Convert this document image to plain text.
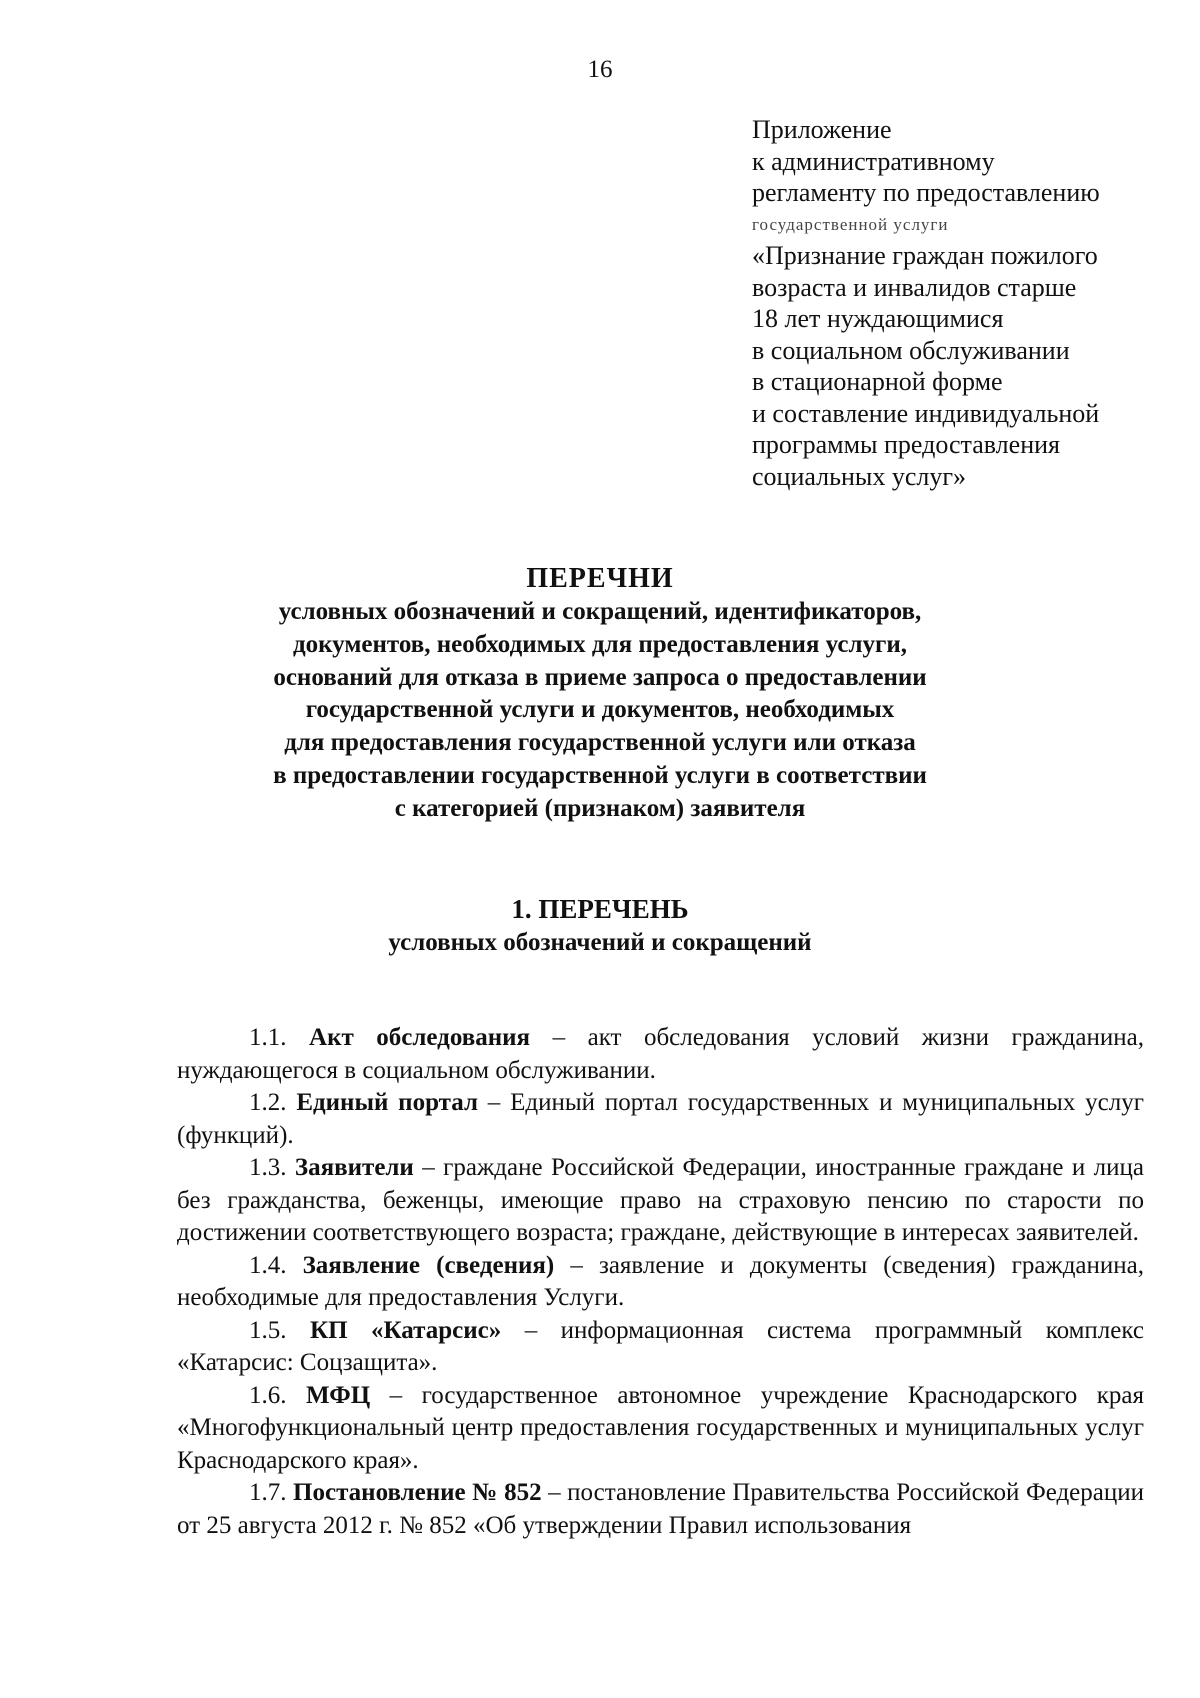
16
Приложение
к административному
регламенту по предоставлению
государственной услуги
«Признание граждан пожилого
возраста и инвалидов старше
18 лет нуждающимися
в социальном обслуживании
в стационарной форме
и составление индивидуальной
программы предоставления
социальных услуг»
ПЕРЕЧНИ
условных обозначений и сокращений, идентификаторов,
документов, необходимых для предоставления услуги,
оснований для отказа в приеме запроса о предоставлении
государственной услуги и документов, необходимых
для предоставления государственной услуги или отказа
в предоставлении государственной услуги в соответствии
с категорией (признаком) заявителя
1. ПЕРЕЧЕНЬ
условных обозначений и сокращений

1.1. Акт обследования – акт обследования условий жизни гражданина, нуждающегося в социальном обслуживании.

1.2. Единый портал – Единый портал государственных и муниципальных услуг (функций).

1.3. Заявители – граждане Российской Федерации, иностранные граждане и лица без гражданства, беженцы, имеющие право на страховую пенсию по старости по достижении соответствующего возраста; граждане, действующие в интересах заявителей.

1.4. Заявление (сведения) – заявление и документы (сведения) гражданина, необходимые для предоставления Услуги.

1.5. КП «Катарсис» – информационная система программный комплекс «Катарсис: Соцзащита».

1.6. МФЦ – государственное автономное учреждение Краснодарского края «Многофункциональный центр предоставления государственных и муниципальных услуг Краснодарского края».

1.7. Постановление № 852 – постановление Правительства Российской Федерации от 25 августа 2012 г. № 852 «Об утверждении Правил использования
